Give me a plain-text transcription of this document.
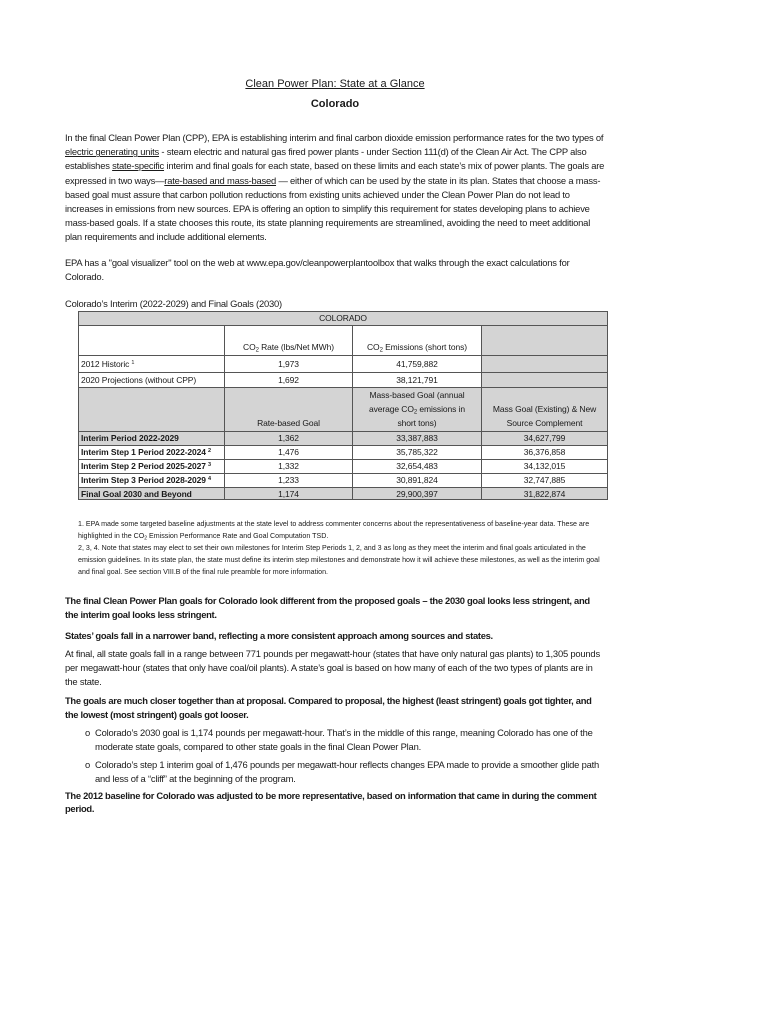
Clean Power Plan: State at a Glance
Colorado

In the final Clean Power Plan (CPP), EPA is establishing interim and final carbon dioxide emission performance rates for the two types of electric generating units - steam electric and natural gas fired power plants - under Section 111(d) of the Clean Air Act. The CPP also establishes state-specific interim and final goals for each state, based on these limits and each state’s mix of power plants. The goals are expressed in two ways—rate-based and mass-based — either of which can be used by the state in its plan. States that choose a mass-based goal must assure that carbon pollution reductions from existing units achieved under the Clean Power Plan do not lead to increases in emissions from new sources. EPA is offering an option to simplify this requirement for states developing plans to achieve mass-based goals. If a state chooses this route, its state planning requirements are streamlined, avoiding the need to meet additional plan requirements and include additional elements.

EPA has a "goal visualizer" tool on the web at www.epa.gov/cleanpowerplantoolbox that walks through the exact calculations for Colorado.

Colorado’s Interim (2022-2029) and Final Goals (2030)
COLORADO			
	$CO_2$ Rate (lbs/Net MWh)	$CO_2$ Emissions (short tons)	
2012 Historic $^1$	1,973	41,759,882	
2020 Projections (without CPP)	1,692	38,121,791	
	Rate-based Goal	Mass-based Goal (annual average $CO_2$ emissions in short tons)	Mass Goal (Existing) & New Source Complement
Interim Period 2022-2029	1,362	33,387,883	34,627,799
Interim Step 1 Period 2022-2024 $^2$	1,476	35,785,322	36,376,858
Interim Step 2 Period 2025-2027 $^3$	1,332	32,654,483	34,132,015
Interim Step 3 Period 2028-2029 $^4$	1,233	30,891,824	32,747,885
Final Goal 2030 and Beyond	1,174	29,900,397	31,822,874

1. EPA made some targeted baseline adjustments at the state level to address commenter concerns about the representativeness of baseline-year data. These are highlighted in the $CO_2$ Emission Performance Rate and Goal Computation TSD.

2, 3, 4. Note that states may elect to set their own milestones for Interim Step Periods 1, 2, and 3 as long as they meet the interim and final goals articulated in the emission guidelines. In its state plan, the state must define its interim step milestones and demonstrate how it will achieve these milestones, as well as the interim goal and final goal. See section VIII.B of the final rule preamble for more information.

The final Clean Power Plan goals for Colorado look different from the proposed goals – the 2030 goal looks less stringent, and the interim goal looks less stringent.

States’ goals fall in a narrower band, reflecting a more consistent approach among sources and states.

At final, all state goals fall in a range between 771 pounds per megawatt-hour (states that have only natural gas plants) to 1,305 pounds per megawatt-hour (states that only have coal/oil plants). A state’s goal is based on how many of each of the two types of plants are in the state.

The goals are much closer together than at proposal. Compared to proposal, the highest (least stringent) goals got tighter, and the lowest (most stringent) goals got looser.

o Colorado’s 2030 goal is 1,174 pounds per megawatt-hour. That’s in the middle of this range, meaning Colorado has one of the moderate state goals, compared to other state goals in the final Clean Power Plan.
o Colorado’s step 1 interim goal of 1,476 pounds per megawatt-hour reflects changes EPA made to provide a smoother glide path and less of a “cliff” at the beginning of the program.

The 2012 baseline for Colorado was adjusted to be more representative, based on information that came in during the comment period.
